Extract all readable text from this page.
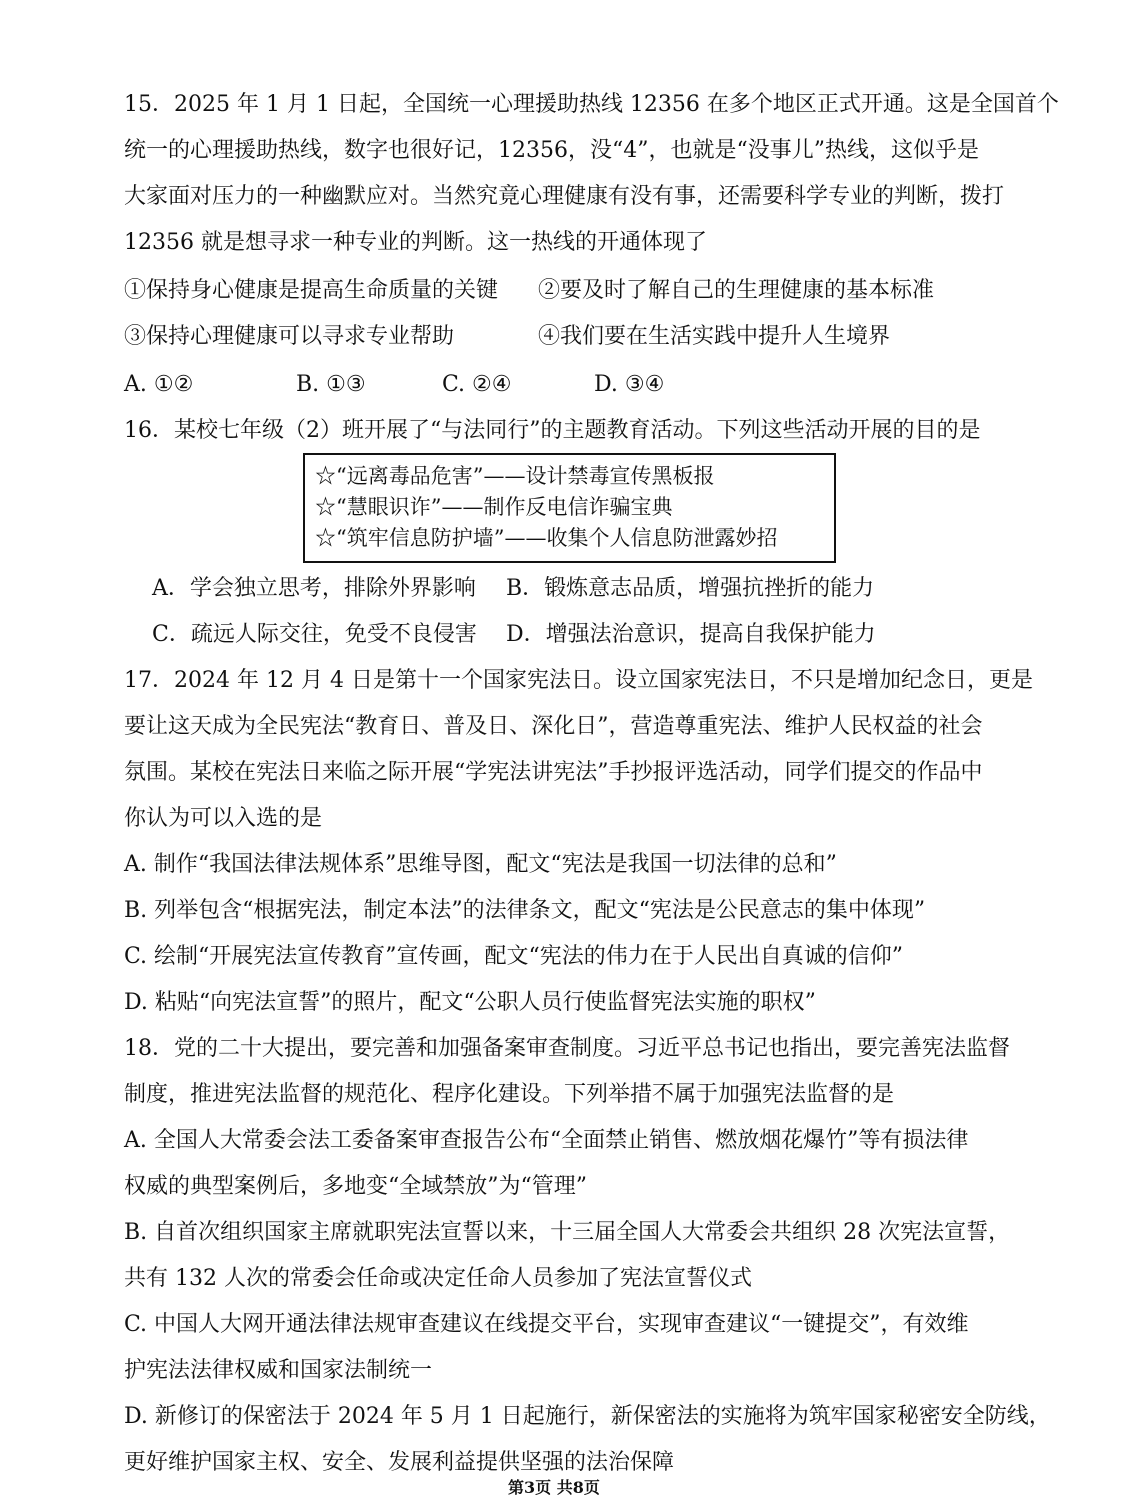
15．2025 年 1 月 1 日起，全国统一心理援助热线 12356 在多个地区正式开通。这是全国首个
统一的心理援助热线，数字也很好记，12356，没“4”，也就是“没事儿”热线，这似乎是
大家面对压力的一种幽默应对。当然究竟心理健康有没有事，还需要科学专业的判断，拨打
12356 就是想寻求一种专业的判断。这一热线的开通体现了
①保持身心健康是提高生命质量的关键 ②要及时了解自己的生理健康的基本标准
③保持心理健康可以寻求专业帮助	④我们要在生活实践中提升人生境界
A. ①②	B. ①③	C. ②④	D. ③④
16．某校七年级（2）班开展了“与法同行”的主题教育活动。下列这些活动开展的目的是
☆“远离毒品危害”——设计禁毒宣传黑板报
☆“慧眼识诈”——制作反电信诈骗宝典
☆“筑牢信息防护墙”——收集个人信息防泄露妙招
A．学会独立思考，排除外界影响 B．锻炼意志品质，增强抗挫折的能力
C．疏远人际交往，免受不良侵害 D．增强法治意识，提高自我保护能力
17．2024 年 12 月 4 日是第十一个国家宪法日。设立国家宪法日，不只是增加纪念日，更是
要让这天成为全民宪法“教育日、普及日、深化日”，营造尊重宪法、维护人民权益的社会
氛围。某校在宪法日来临之际开展“学宪法讲宪法”手抄报评选活动，同学们提交的作品中
你认为可以入选的是
A. 制作“我国法律法规体系”思维导图，配文“宪法是我国一切法律的总和”
B. 列举包含“根据宪法，制定本法”的法律条文，配文“宪法是公民意志的集中体现”
C. 绘制“开展宪法宣传教育”宣传画，配文“宪法的伟力在于人民出自真诚的信仰”
D. 粘贴“向宪法宣誓”的照片，配文“公职人员行使监督宪法实施的职权”
18．党的二十大提出，要完善和加强备案审查制度。习近平总书记也指出，要完善宪法监督
制度，推进宪法监督的规范化、程序化建设。下列举措不属于加强宪法监督的是
A. 全国人大常委会法工委备案审查报告公布“全面禁止销售、燃放烟花爆竹”等有损法律
权威的典型案例后，多地变“全域禁放”为“管理”
B. 自首次组织国家主席就职宪法宣誓以来，十三届全国人大常委会共组织 28 次宪法宣誓，
共有 132 人次的常委会任命或决定任命人员参加了宪法宣誓仪式
C. 中国人大网开通法律法规审查建议在线提交平台，实现审查建议“一键提交”，有效维
护宪法法律权威和国家法制统一
D. 新修订的保密法于 2024 年 5 月 1 日起施行，新保密法的实施将为筑牢国家秘密安全防线，
更好维护国家主权、安全、发展利益提供坚强的法治保障
第3页 共8页
